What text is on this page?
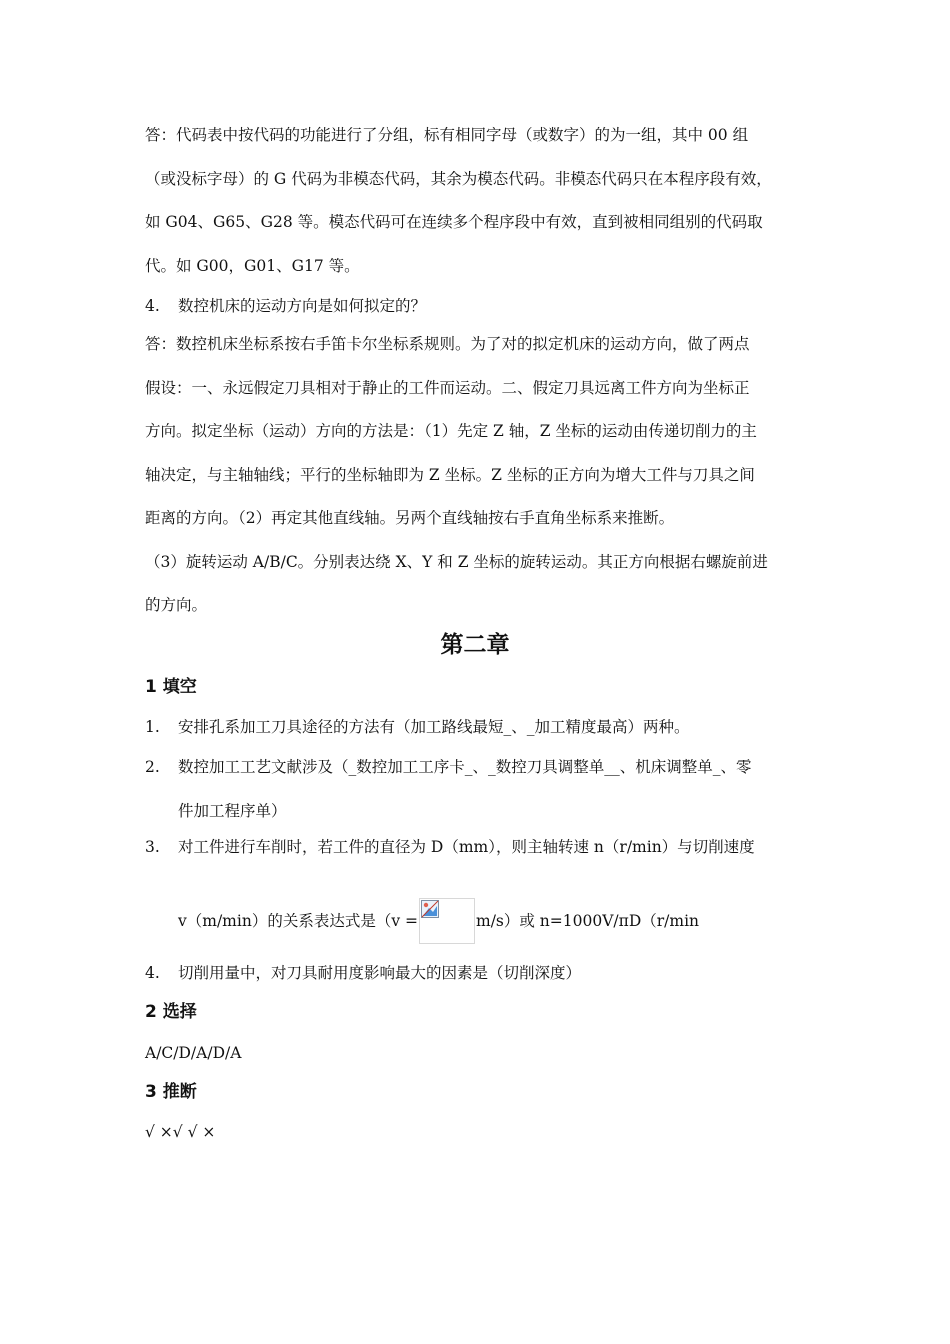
答：代码表中按代码的功能进行了分组，标有相同字母（或数字）的为一组，其中 00 组
（或没标字母）的 G 代码为非模态代码，其余为模态代码。非模态代码只在本程序段有效，
如 G04、G65、G28 等。模态代码可在连续多个程序段中有效，直到被相同组别的代码取
代。如 G00，G01、G17 等。
4. 数控机床的运动方向是如何拟定的？
答：数控机床坐标系按右手笛卡尔坐标系规则。为了对的拟定机床的运动方向，做了两点
假设：一、永远假定刀具相对于静止的工件而运动。二、假定刀具远离工件方向为坐标正
方向。拟定坐标（运动）方向的方法是：（1）先定 Z 轴，Z 坐标的运动由传递切削力的主
轴决定，与主轴轴线；平行的坐标轴即为 Z 坐标。Z 坐标的正方向为增大工件与刀具之间
距离的方向。（2）再定其他直线轴。另两个直线轴按右手直角坐标系来推断。
（3）旋转运动 A/B/C。分别表达绕 X、Y 和 Z 坐标的旋转运动。其正方向根据右螺旋前进
的方向。
第二章
1 填空
1. 安排孔系加工刀具途径的方法有（加工路线最短_、_加工精度最高）两种。
2. 数控加工工艺文献涉及（_数控加工工序卡_、_数控刀具调整单__、机床调整单_、零
件加工程序单）
3. 对工件进行车削时，若工件的直径为 D（mm），则主轴转速 n（r/min）与切削速度
v（m/min）的关系表达式是（v =	m/s）或 n=1000V/πD（r/min
4. 切削用量中，对刀具耐用度影响最大的因素是（切削深度）
2 选择
A/C/D/A/D/A
3 推断
√ ×√ √ ×
